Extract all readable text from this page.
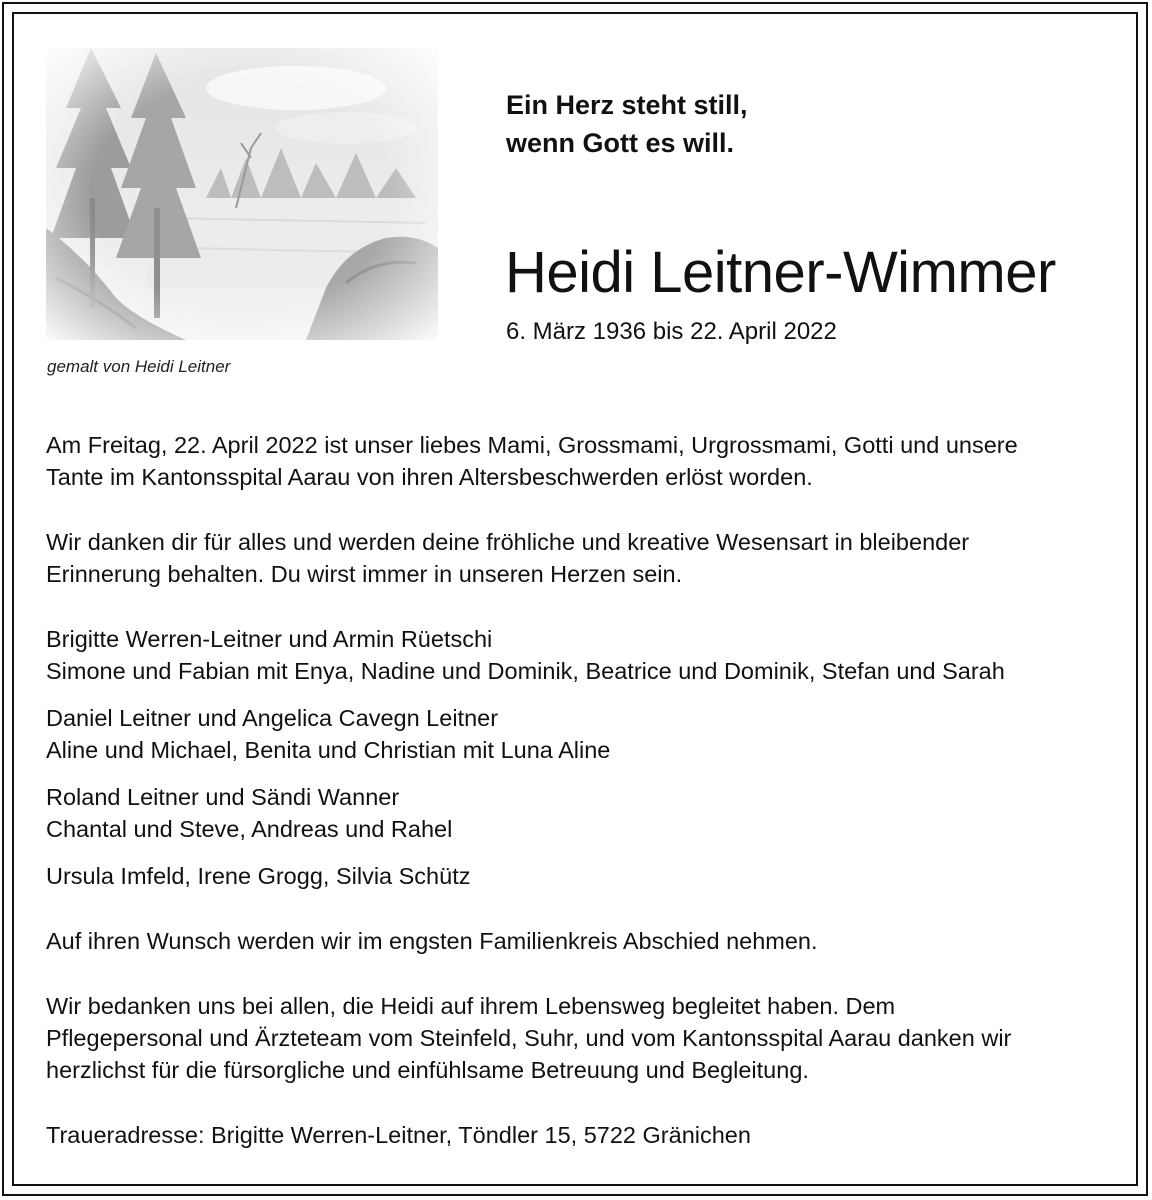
gemalt von Heidi Leitner
Ein Herz steht still,
wenn Gott es will.
Heidi Leitner-Wimmer
6. März 1936 bis 22. April 2022

Am Freitag, 22. April 2022 ist unser liebes Mami, Grossmami, Urgrossmami, Gotti und unsere

Tante im Kantonsspital Aarau von ihren Altersbeschwerden erlöst worden.

Wir danken dir für alles und werden deine fröhliche und kreative Wesensart in bleibender

Erinnerung behalten. Du wirst immer in unseren Herzen sein.

Brigitte Werren-Leitner und Armin Rüetschi

Simone und Fabian mit Enya, Nadine und Dominik, Beatrice und Dominik, Stefan und Sarah

Daniel Leitner und Angelica Cavegn Leitner

Aline und Michael, Benita und Christian mit Luna Aline

Roland Leitner und Sändi Wanner

Chantal und Steve, Andreas und Rahel

Ursula Imfeld, Irene Grogg, Silvia Schütz

Auf ihren Wunsch werden wir im engsten Familienkreis Abschied nehmen.

Wir bedanken uns bei allen, die Heidi auf ihrem Lebensweg begleitet haben. Dem

Pflegepersonal und Ärzteteam vom Steinfeld, Suhr, und vom Kantonsspital Aarau danken wir

herzlichst für die fürsorgliche und einfühlsame Betreuung und Begleitung.

Traueradresse: Brigitte Werren-Leitner, Töndler 15, 5722 Gränichen
